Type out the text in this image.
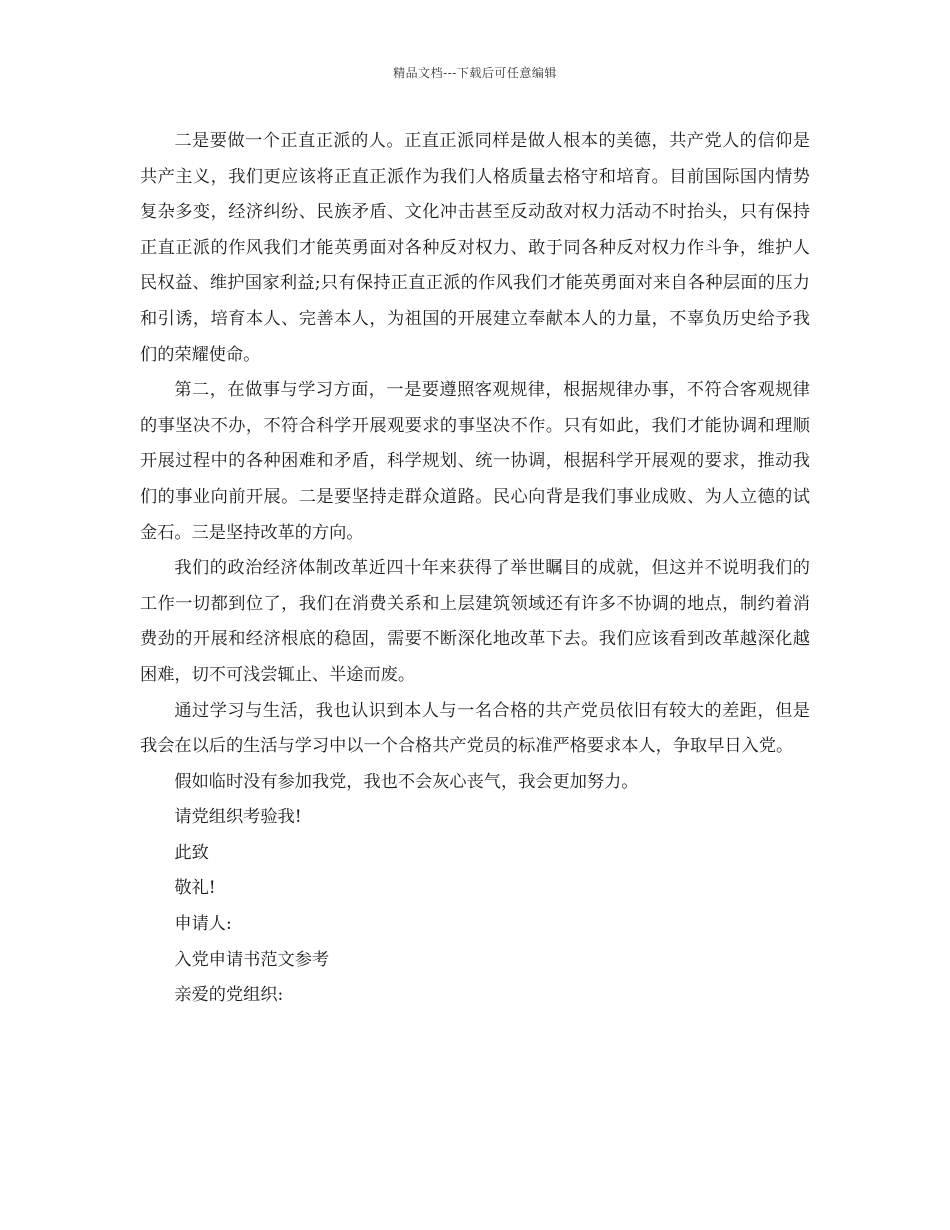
精品文档---下载后可任意编辑

二是要做一个正直正派的人。正直正派同样是做人根本的美德，共产党人的信仰是共产主义，我们更应该将正直正派作为我们人格质量去格守和培育。目前国际国内情势复杂多变，经济纠纷、民族矛盾、文化冲击甚至反动敌对权力活动不时抬头，只有保持正直正派的作风我们才能英勇面对各种反对权力、敢于同各种反对权力作斗争，维护人民权益、维护国家利益;只有保持正直正派的作风我们才能英勇面对来自各种层面的压力和引诱，培育本人、完善本人，为祖国的开展建立奉献本人的力量，不辜负历史给予我们的荣耀使命。

第二，在做事与学习方面，一是要遵照客观规律，根据规律办事，不符合客观规律的事坚决不办，不符合科学开展观要求的事坚决不作。只有如此，我们才能协调和理顺开展过程中的各种困难和矛盾，科学规划、统一协调，根据科学开展观的要求，推动我们的事业向前开展。二是要坚持走群众道路。民心向背是我们事业成败、为人立德的试金石。三是坚持改革的方向。

我们的政治经济体制改革近四十年来获得了举世瞩目的成就，但这并不说明我们的工作一切都到位了，我们在消费关系和上层建筑领域还有许多不协调的地点，制约着消费劲的开展和经济根底的稳固，需要不断深化地改革下去。我们应该看到改革越深化越困难，切不可浅尝辄止、半途而废。

通过学习与生活，我也认识到本人与一名合格的共产党员依旧有较大的差距，但是我会在以后的生活与学习中以一个合格共产党员的标准严格要求本人，争取早日入党。

假如临时没有参加我党，我也不会灰心丧气，我会更加努力。

请党组织考验我!

此致

敬礼!

申请人:

入党申请书范文参考

亲爱的党组织:
